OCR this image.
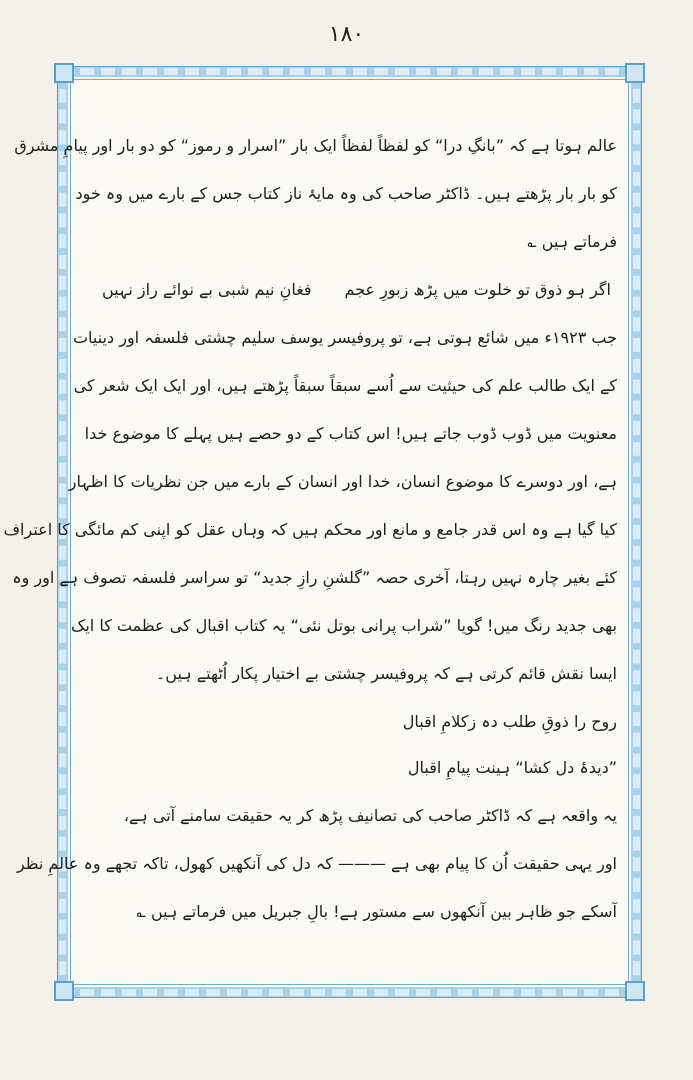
۱۸۰
عالم ہوتا ہے کہ ”بانگِ درا“ کو لفظاً لفظاً ایک بار ”اسرار و رموز“ کو دو بار اور پیامِ مشرق
کو بار بار پڑھتے ہیں۔ ڈاکٹر صاحب کی وہ مایۂ ناز کتاب جس کے بارے میں وہ خود
فرماتے ہیں ؎
اگر ہو ذوق تو خلوت میں پڑھ زبورِ عجم
فغانِ نیم شبی بے نوائے راز نہیں
جب ۱۹۲۳ء میں شائع ہوتی ہے، تو پروفیسر یوسف سلیم چشتی فلسفہ اور دینیات
کے ایک طالب علم کی حیثیت سے اُسے سبقاً سبقاً پڑھتے ہیں، اور ایک ایک شعر کی
معنویت میں ڈوب ڈوب جاتے ہیں! اس کتاب کے دو حصے ہیں پہلے کا موضوع خدا
ہے، اور دوسرے کا موضوع انسان، خدا اور انسان کے بارے میں جن نظریات کا اظہار
کیا گیا ہے وہ اس قدر جامع و مانع اور محکم ہیں کہ وہاں عقل کو اپنی کم مائگی کا اعتراف
کئے بغیر چارہ نہیں رہتا، آخری حصہ ”گلشنِ رازِ جدید“ تو سراسر فلسفہ تصوف ہے اور وہ
بھی جدید رنگ میں! گویا ”شراب پرانی بوتل نئی“ یہ کتاب اقبال کی عظمت کا ایک
ایسا نقش قائم کرتی ہے کہ پروفیسر چشتی بے اختیار پکار اُٹھتے ہیں۔
روح را ذوقِ طلب دہ زکلامِ اقبال
”دیدۂ دل کشا“ ہینت پیامِ اقبال
یہ واقعہ ہے کہ ڈاکٹر صاحب کی تصانیف پڑھ کر یہ حقیقت سامنے آتی ہے،
اور یہی حقیقت اُن کا پیام بھی ہے ——— کہ دل کی آنکھیں کھول، تاکہ تجھے وہ عالمِ نظر
آسکے جو ظاہر بین آنکھوں سے مستور ہے! بالِ جبریل میں فرماتے ہیں ؎
